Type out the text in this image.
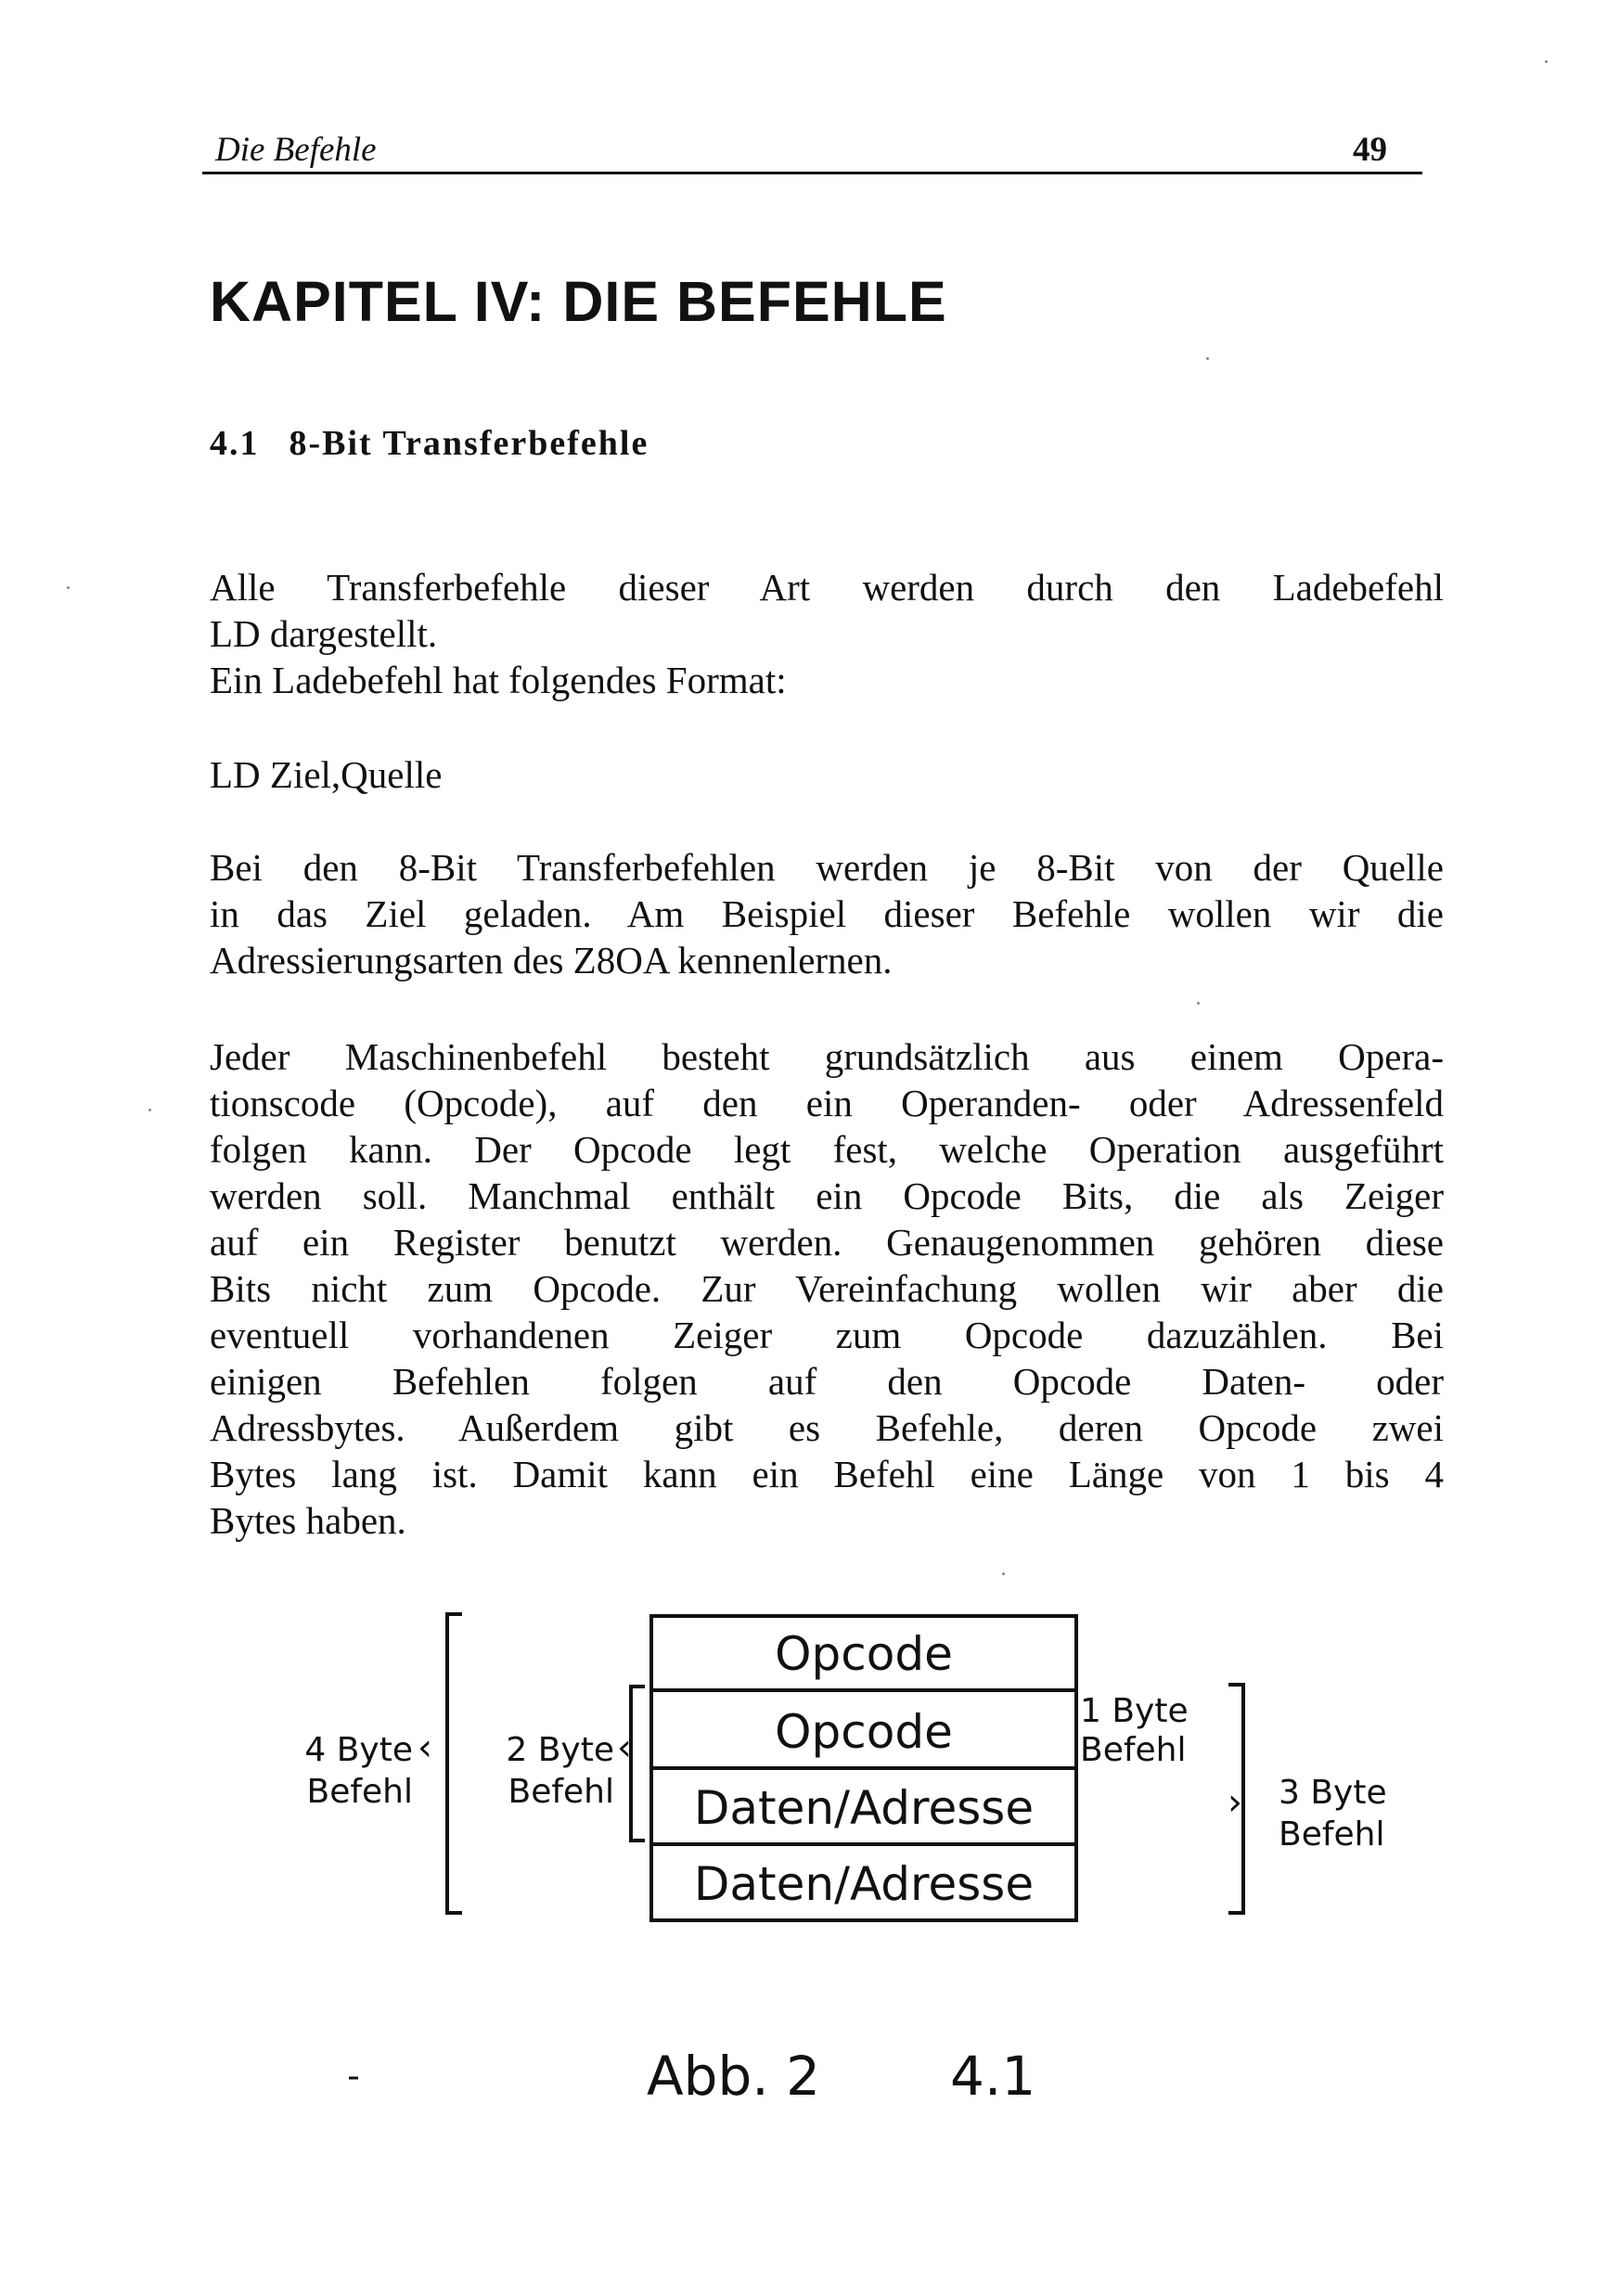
Die Befehle	49
KAPITEL IV: DIE BEFEHLE
4.1 8-Bit Transferbefehle
Alle Transferbefehle dieser Art werden durch den Ladebefehl
LD dargestellt.
Ein Ladebefehl hat folgendes Format:
LD Ziel,Quelle
Bei den 8-Bit Transferbefehlen werden je 8-Bit von der Quelle
in das Ziel geladen. Am Beispiel dieser Befehle wollen wir die
Adressierungsarten des Z8OA kennenlernen.
Jeder Maschinenbefehl besteht grundsätzlich aus einem Opera-
tionscode (Opcode), auf den ein Operanden- oder Adressenfeld
folgen kann. Der Opcode legt fest, welche Operation ausgeführt
werden soll. Manchmal enthält ein Opcode Bits, die als Zeiger
auf ein Register benutzt werden. Genaugenommen gehören diese
Bits nicht zum Opcode. Zur Vereinfachung wollen wir aber die
eventuell vorhandenen Zeiger zum Opcode dazuzählen. Bei
einigen Befehlen folgen auf den Opcode Daten- oder
Adressbytes. Außerdem gibt es Befehle, deren Opcode zwei
Bytes lang ist. Damit kann ein Befehl eine Länge von 1 bis 4
Bytes haben.
Opcode
Opcode
Daten/Adresse
Daten/Adresse
4 Byte
Befehl
‹ 2 Byte
Befehl
‹
1 Byte
Befehl
› 3 Byte
Befehl
Abb. 2 4.1
